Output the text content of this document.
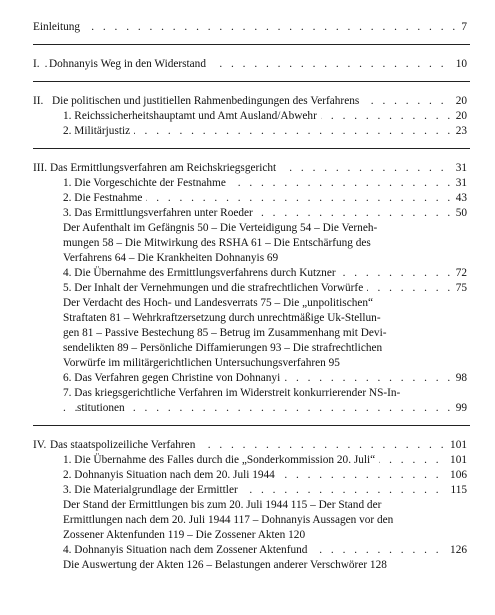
. . .
Einleitung	7
. . .
I. Dohnanyis Weg in den Widerstand	10
. . .
II. Die politischen und justitiellen Rahmenbedingungen des Verfahrens	20
. . .
1. Reichssicherheitshauptamt und Amt Ausland/Abwehr	20
. . .
2. Militärjustiz	23
. . .
III. Das Ermittlungsverfahren am Reichskriegsgericht	31
. . .
1. Die Vorgeschichte der Festnahme	31
. . .
2. Die Festnahme	43
. . .
3. Das Ermittlungsverfahren unter Roeder	50
Der Aufenthalt im Gefängnis 50 – Die Verteidigung 54 – Die Verneh-
mungen 58 – Die Mitwirkung des RSHA 61 – Die Entschärfung des
Verfahrens 64 – Die Krankheiten Dohnanyis 69
. . .
4. Die Übernahme des Ermittlungsverfahrens durch Kutzner	72
. . .
5. Der Inhalt der Vernehmungen und die strafrechtlichen Vorwürfe	75
Der Verdacht des Hoch- und Landesverrats 75 – Die „unpolitischen“
Straftaten 81 – Wehrkraftzersetzung durch unrechtmäßige Uk-Stellun-
gen 81 – Passive Bestechung 85 – Betrug im Zusammenhang mit Devi-
sendelikten 89 – Persönliche Diffamierungen 93 – Die strafrechtlichen
Vorwürfe im militärgerichtlichen Untersuchungsverfahren 95
. . .
6. Das Verfahren gegen Christine von Dohnanyi	98
7. Das kriegsgerichtliche Verfahren im Widerstreit konkurrierender NS-In-
. . .
stitutionen	99
. . .
IV. Das staatspolizeiliche Verfahren	101
. . .
1. Die Übernahme des Falles durch die „Sonderkommission 20. Juli“	101
. . .
2. Dohnanyis Situation nach dem 20. Juli 1944	106
. . .
3. Die Materialgrundlage der Ermittler	115
Der Stand der Ermittlungen bis zum 20. Juli 1944 115 – Der Stand der
Ermittlungen nach dem 20. Juli 1944 117 – Dohnanyis Aussagen vor den
Zossener Aktenfunden 119 – Die Zossener Akten 120
. . .
4. Dohnanyis Situation nach dem Zossener Aktenfund	126
Die Auswertung der Akten 126 – Belastungen anderer Verschwörer 128
